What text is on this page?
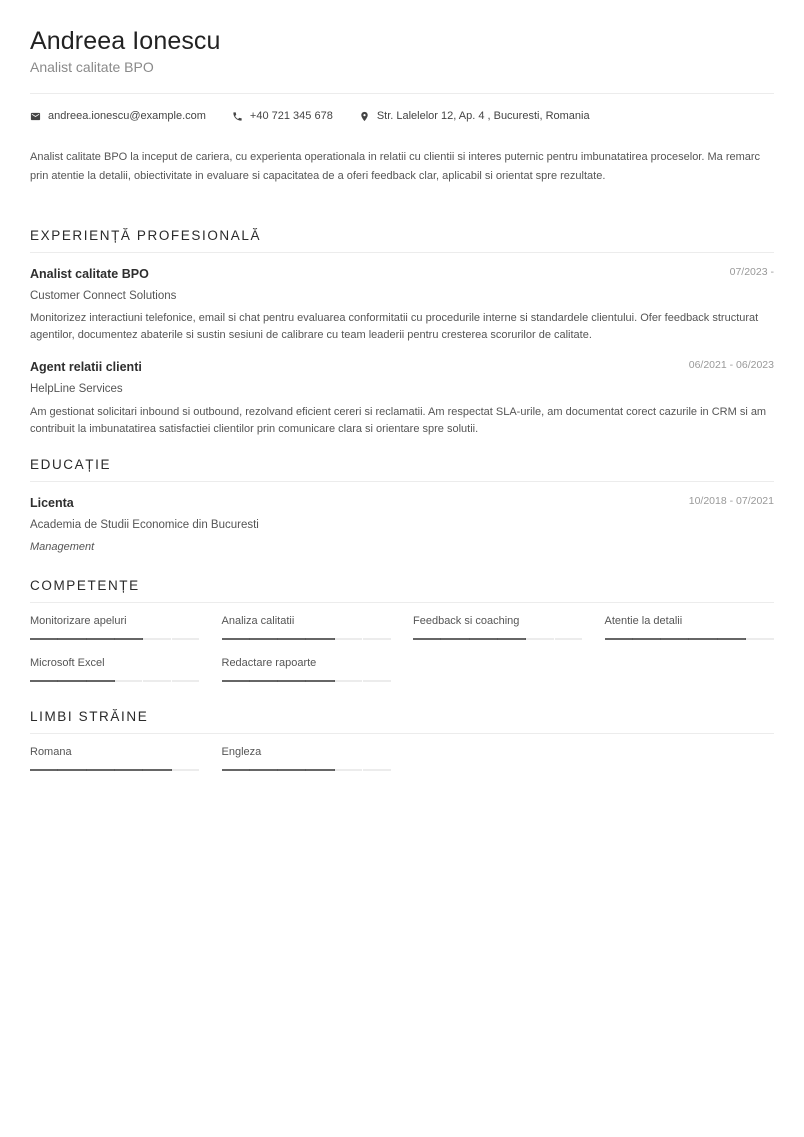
Andreea Ionescu
Analist calitate BPO
andreea.ionescu@example.com	+40 721 345 678	Str. Lalelelor 12, Ap. 4 , Bucuresti, Romania
Analist calitate BPO la inceput de cariera, cu experienta operationala in relatii cu clientii si interes puternic pentru imbunatatirea proceselor. Ma remarc prin atentie la detalii, obiectivitate in evaluare si capacitatea de a oferi feedback clar, aplicabil si orientat spre rezultate.
EXPERIENȚĂ PROFESIONALĂ
Analist calitate BPO	07/2023 -
Customer Connect Solutions
Monitorizez interactiuni telefonice, email si chat pentru evaluarea conformitatii cu procedurile interne si standardele clientului. Ofer feedback structurat agentilor, documentez abaterile si sustin sesiuni de calibrare cu team leaderii pentru cresterea scorurilor de calitate.
Agent relatii clienti	06/2021 - 06/2023
HelpLine Services
Am gestionat solicitari inbound si outbound, rezolvand eficient cereri si reclamatii. Am respectat SLA-urile, am documentat corect cazurile in CRM si am contribuit la imbunatatirea satisfactiei clientilor prin comunicare clara si orientare spre solutii.
EDUCAȚIE
Licenta	10/2018 - 07/2021
Academia de Studii Economice din Bucuresti
Management
COMPETENȚE
Monitorizare apeluri	Analiza calitatii	Feedback si coaching	Atentie la detalii
Microsoft Excel	Redactare rapoarte
LIMBI STRĂINE
Romana	Engleza
